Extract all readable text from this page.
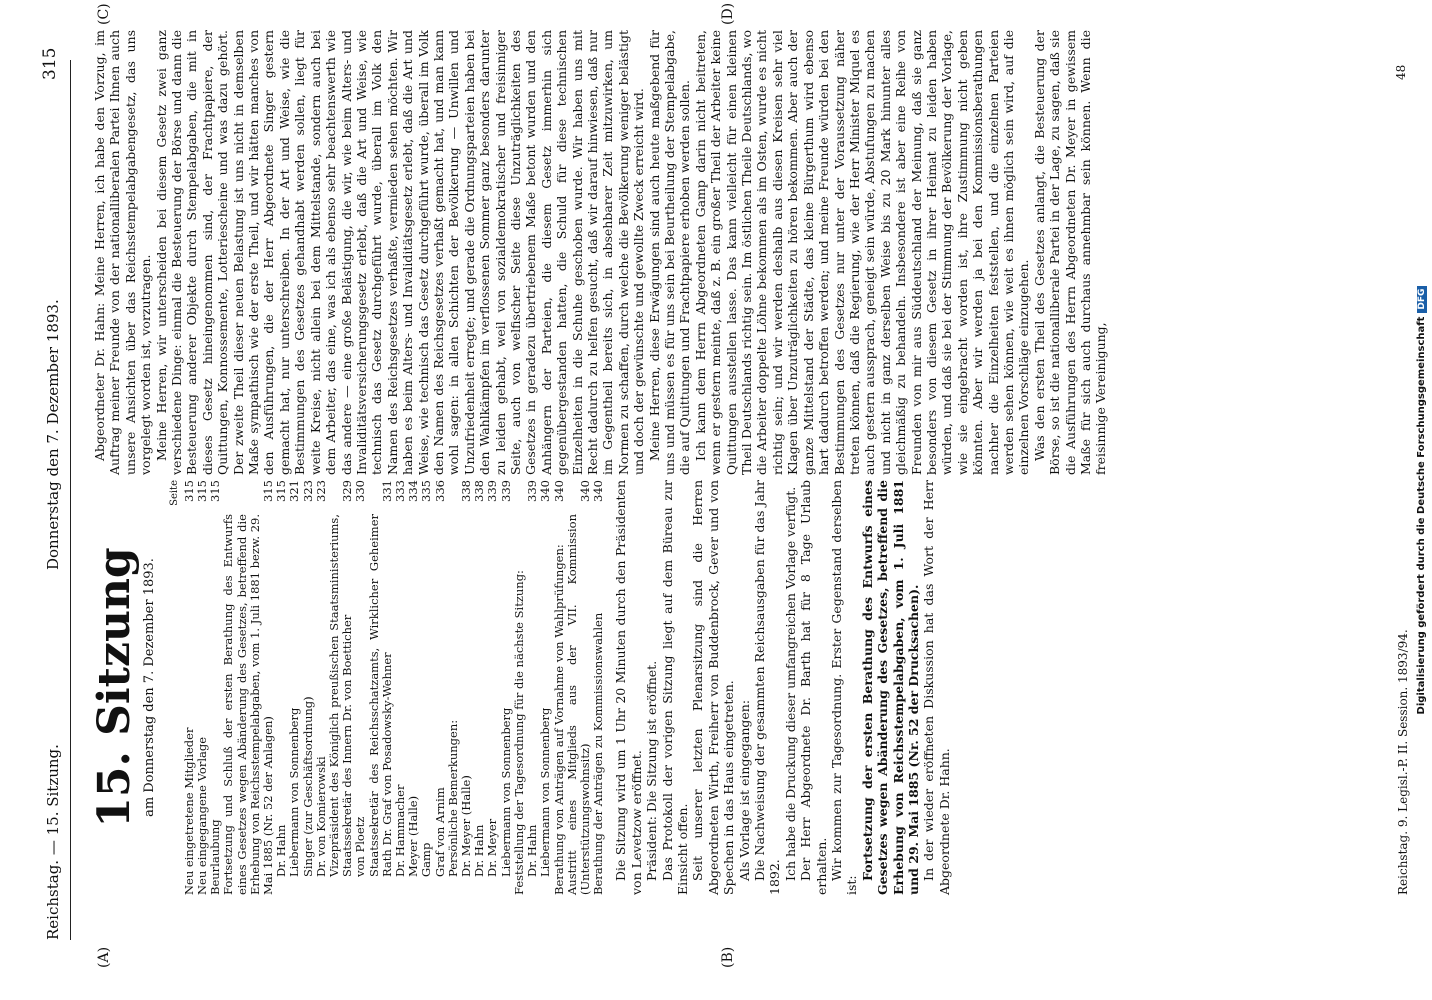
Reichstag. — 15. Sitzung.
Donnerstag den 7. Dezember 1893.
315
(A)	(B)
(C)	(D)
15. Sitzung am Donnerstag den 7. Dezember 1893.
Seite
Neu eingetretene Mitglieder
315
Neu eingegangene Vorlage
315
Beurlaubung
315
Fortsetzung und Schluß der ersten Berathung des Entwurfs eines Gesetzes wegen Abänderung des Gesetzes, betreffend die Erhebung von Reichsstempelabgaben, vom 1. Juli 1881 bezw. 29. Mai 1885 (Nr. 52 der Anlagen)
315
Dr. Hahn
315
Liebermann von Sonnenberg
321
Singer (zur Geschäftsordnung)
323
Dr. von Komierowski
323
Vizepräsident des Königlich preußischen Staatsministeriums, Staatssekretär des Innern Dr. von Boetticher
329
von Ploetz
330
Staatssekretär des Reichsschatzamts, Wirklicher Geheimer Rath Dr. Graf von Posadowsky-Wehner
331
Dr. Hammacher
333
Meyer (Halle)
334
Gamp
335
Graf von Arnim
336
Persönliche Bemerkungen: Dr. Meyer (Halle)
338
Dr. Hahn
338
Dr. Meyer
339
Liebermann von Sonnenberg
339
Feststellung der Tagesordnung für die nächste Sitzung: Dr. Hahn
339
Liebermann von Sonnenberg
340
Berathung von Anträgen auf Vornahme von Wahlprüfungen:
340
Austritt eines Mitglieds aus der VII. Kommission (Unterstützungswohnsitz)
340
Berathung der Anträgen zu Kommissionswahlen
340 Die Sitzung wird um 1 Uhr 20 Minuten durch den Präsidenten von Levetzow eröffnet. Präsident: Die Sitzung ist eröffnet. Das Protokoll der vorigen Sitzung liegt auf dem Büreau zur Einsicht offen. Seit unserer letzten Plenarsitzung sind die Herren Abgeordneten Wirth, Freiherr von Buddenbrock, Gever und von Spechen in das Haus eingetreten. Als Vorlage ist eingegangen: Die Nachweisung der gesammten Reichsausgaben für das Jahr 1892. Ich habe die Druckung dieser umfangreichen Vorlage verfügt. Der Herr Abgeordnete Dr. Barth hat für 8 Tage Urlaub erhalten. Wir kommen zur Tagesordnung. Erster Gegenstand derselben ist:

Fortsetzung der ersten Berathung des Entwurfs eines Gesetzes wegen Abänderung des Gesetzes, betreffend die Erhebung von Reichsstempelabgaben, vom 1. Juli 1881 und 29. Mai 1885 (Nr. 52 der Drucksachen). In der wieder eröffneten Diskussion hat das Wort der Herr Abgeordnete Dr. Hahn.

Abgeordneter Dr. Hahn: Meine Herren, ich habe den Vorzug, im Auftrag meiner Freunde von der nationalliberalen Partei Ihnen auch unsere Ansichten über das Reichsstempelabgabengesetz, das uns vorgelegt worden ist, vorzutragen. Meine Herren, wir unterscheiden bei diesem Gesetz zwei ganz verschiedene Dinge: einmal die Besteuerung der Börse und dann die Besteuerung anderer Objekte durch Stempelabgaben, die mit in dieses Gesetz hineingenommen sind, der Frachtpapiere, der Quittungen, Konnossemente, Lotteriescheine und was dazu gehört. Der zweite Theil dieser neuen Belastung ist uns nicht in demselben Maße sympathisch wie der erste Theil, und wir hätten manches von den Ausführungen, die der Herr Abgeordnete Singer gestern gemacht hat, nur unterschreiben. In der Art und Weise, wie die Bestimmungen des Gesetzes gehandhabt werden sollen, liegt für weite Kreise, nicht allein bei dem Mittelstande, sondern auch bei dem Arbeiter, das eine, was ich als ebenso sehr beachtenswerth wie das andere — eine große Belästigung, die wir, wie beim Alters- und Invaliditätsversicherungsgesetz erlebt, daß die Art und Weise, wie technisch das Gesetz durchgeführt wurde, überall im Volk den Namen des Reichsgesetzes verhaßte, vermieden sehen möchten. Wir haben es beim Alters- und Invaliditätsgesetz erlebt, daß die Art und Weise, wie technisch das Gesetz durchgeführt wurde, überall im Volk den Namen des Reichsgesetzes verhaßt gemacht hat, und man kann wohl sagen: in allen Schichten der Bevölkerung — Unwillen und Unzufriedenheit erregte; und gerade die Ordnungsparteien haben bei den Wahlkämpfen im verflossenen Sommer ganz besonders darunter zu leiden gehabt, weil von sozialdemokratischer und freisinniger Seite, auch von welfischer Seite diese Unzuträglichkeiten des Gesetzes in geradezu übertriebenem Maße betont wurden und den Anhängern der Parteien, die diesem Gesetz immerhin sich gegenübergestanden hatten, die Schuld für diese technischen Einzelheiten in die Schuhe geschoben wurde. Wir haben uns mit Recht dadurch zu helfen gesucht, daß wir darauf hinwiesen, daß nur im Gegentheil bereits sich, in absehbarer Zeit mitzuwirken, um Normen zu schaffen, durch welche die Bevölkerung weniger belästigt und doch der gewünschte und gewollte Zweck erreicht wird. Meine Herren, diese Erwägungen sind auch heute maßgebend für uns und müssen es für uns sein bei Beurtheilung der Stempelabgabe, die auf Quittungen und Frachtpapiere erhoben werden sollen. Ich kann dem Herrn Abgeordneten Gamp darin nicht beitreten, wenn er gestern meinte, daß z. B. ein großer Theil der Arbeiter keine Quittungen ausstellen lasse. Das kann vielleicht für einen kleinen Theil Deutschlands richtig sein. Im östlichen Theile Deutschlands, wo die Arbeiter doppelte Löhne bekommen als im Osten, wurde es nicht richtig sein; und wir werden deshalb aus diesen Kreisen sehr viel Klagen über Unzuträglichkeiten zu hören bekommen. Aber auch der ganze Mittelstand der Städte, das kleine Bürgerthum wird ebenso hart dadurch betroffen werden; und meine Freunde würden bei den Bestimmungen des Gesetzes nur unter der Voraussetzung näher treten können, daß die Regierung, wie der Herr Minister Miquel es auch gestern aussprach, geneigt sein würde, Abstufungen zu machen und nicht in ganz derselben Weise bis zu 20 Mark hinunter alles gleichmäßig zu behandeln. Insbesondere ist aber eine Reihe von Freunden von mir aus Süddeutschland der Meinung, daß sie ganz besonders von diesem Gesetz in ihrer Heimat zu leiden haben würden, und daß sie bei der Stimmung der Bevölkerung der Vorlage, wie sie eingebracht worden ist, ihre Zustimmung nicht geben könnten. Aber wir werden ja bei den Kommissionsberathungen nachher die Einzelheiten feststellen, und die einzelnen Parteien werden sehen können, wie weit es ihnen möglich sein wird, auf die einzelnen Vorschläge einzugehen. Was den ersten Theil des Gesetzes anlangt, die Besteuerung der Börse, so ist die nationalliberale Partei in der Lage, zu sagen, daß sie die Ausführungen des Herrn Abgeordneten Dr. Meyer in gewissem Maße für sich auch durchaus annehmbar sein können. Wenn die freisinnige Vereinigung,

Reichstag. 9. Legisl.-P. II. Session. 1893/94.
48
Digitalisierung gefördert durch die Deutsche ForschungsgemeinschaftDFG
